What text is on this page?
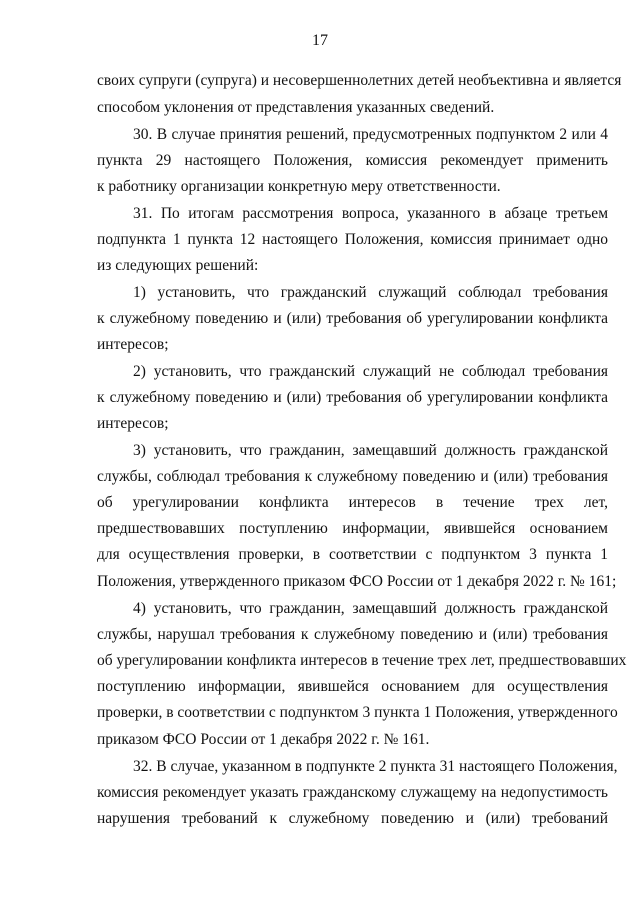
17
своих супруги (супруга) и несовершеннолетних детей необъективна и является
способом уклонения от представления указанных сведений.
30. В случае принятия решений, предусмотренных подпунктом 2 или 4
пункта 29 настоящего Положения, комиссия рекомендует применить
к работнику организации конкретную меру ответственности.
31. По итогам рассмотрения вопроса, указанного в абзаце третьем
подпункта 1 пункта 12 настоящего Положения, комиссия принимает одно
из следующих решений:
1) установить, что гражданский служащий соблюдал требования
к служебному поведению и (или) требования об урегулировании конфликта
интересов;
2) установить, что гражданский служащий не соблюдал требования
к служебному поведению и (или) требования об урегулировании конфликта
интересов;
3) установить, что гражданин, замещавший должность гражданской
службы, соблюдал требования к служебному поведению и (или) требования
об урегулировании конфликта интересов в течение трех лет,
предшествовавших поступлению информации, явившейся основанием
для осуществления проверки, в соответствии с подпунктом 3 пункта 1
Положения, утвержденного приказом ФСО России от 1 декабря 2022 г. № 161;
4) установить, что гражданин, замещавший должность гражданской
службы, нарушал требования к служебному поведению и (или) требования
об урегулировании конфликта интересов в течение трех лет, предшествовавших
поступлению информации, явившейся основанием для осуществления
проверки, в соответствии с подпунктом 3 пункта 1 Положения, утвержденного
приказом ФСО России от 1 декабря 2022 г. № 161.
32. В случае, указанном в подпункте 2 пункта 31 настоящего Положения,
комиссия рекомендует указать гражданскому служащему на недопустимость
нарушения требований к служебному поведению и (или) требований
